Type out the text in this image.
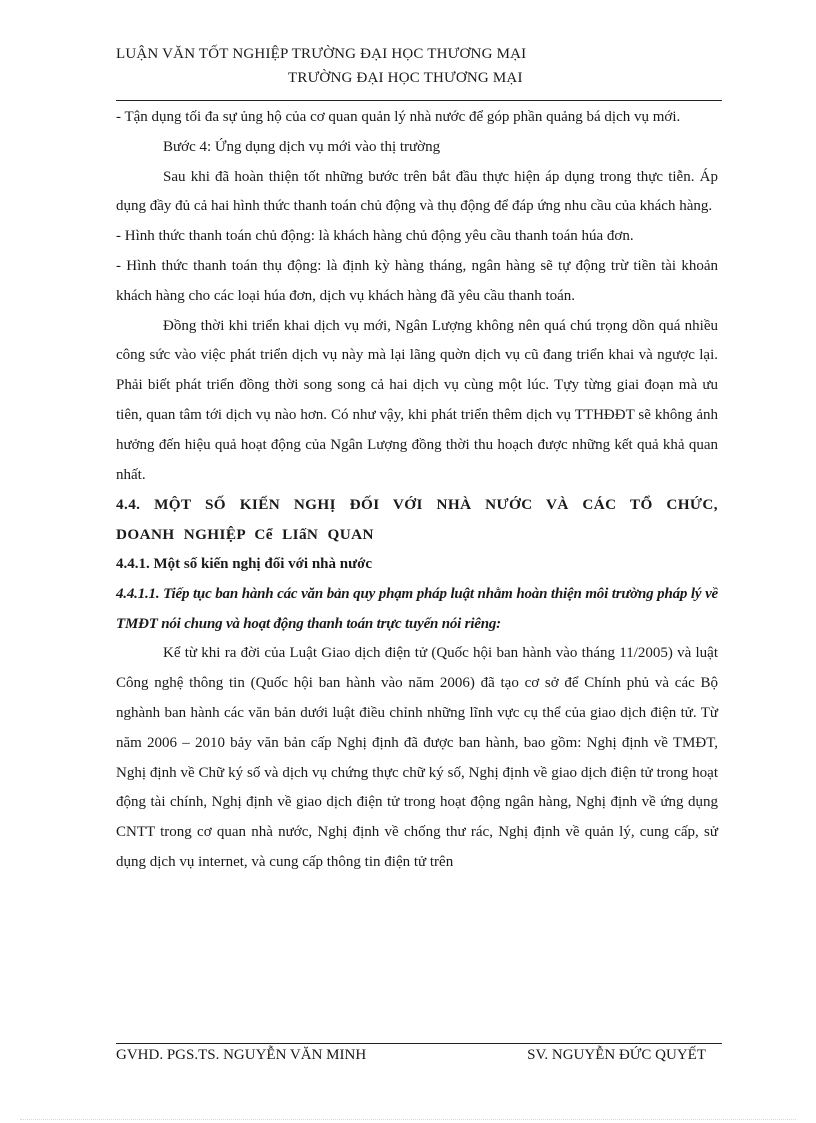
LUẬN VĂN TỐT NGHIỆP TRƯỜNG ĐẠI HỌC THƯƠNG MẠI
TRƯỜNG ĐẠI HỌC THƯƠNG MẠI

- Tận dụng tối đa sự ủng hộ của cơ quan quản lý nhà nước để góp phần quảng bá dịch vụ mới.

Bước 4: Ứng dụng dịch vụ mới vào thị trường

Sau khi đã hoàn thiện tốt những bước trên bắt đầu thực hiện áp dụng trong thực tiễn. Áp dụng đầy đủ cả hai hình thức thanh toán chủ động và thụ động để đáp ứng nhu cầu của khách hàng.

- Hình thức thanh toán chủ động: là khách hàng chủ động yêu cầu thanh toán húa đơn.

- Hình thức thanh toán thụ động: là định kỳ hàng tháng, ngân hàng sẽ tự động trừ tiền tài khoản khách hàng cho các loại húa đơn, dịch vụ khách hàng đã yêu cầu thanh toán.

Đồng thời khi triển khai dịch vụ mới, Ngân Lượng không nên quá chú trọng dồn quá nhiều công sức vào việc phát triển dịch vụ này mà lại lãng quờn dịch vụ cũ đang triển khai và ngược lại. Phải biết phát triển đồng thời song song cả hai dịch vụ cùng một lúc. Tựy từng giai đoạn mà ưu tiên, quan tâm tới dịch vụ nào hơn. Có như vậy, khi phát triển thêm dịch vụ TTHĐĐT sẽ không ảnh hưởng đến hiệu quả hoạt động của Ngân Lượng đồng thời thu hoạch được những kết quả khả quan nhất.

4.4. MỘT SỐ KIẾN NGHỊ ĐỐI VỚI NHÀ NƯỚC VÀ CÁC TỔ CHỨC, DOANH NGHIỆP Cể LIấN QUAN

4.4.1. Một số kiến nghị đối với nhà nước

4.4.1.1. Tiếp tục ban hành các văn bản quy phạm pháp luật nhằm hoàn thiện môi trường pháp lý về TMĐT nói chung và hoạt động thanh toán trực tuyến nói riêng:

Kể từ khi ra đời của Luật Giao dịch điện tử (Quốc hội ban hành vào tháng 11/2005) và luật Công nghệ thông tin (Quốc hội ban hành vào năm 2006) đã tạo cơ sở để Chính phủ và các Bộ nghành ban hành các văn bản dưới luật điều chỉnh những lĩnh vực cụ thể của giao dịch điện tử. Từ năm 2006 – 2010 bảy văn bản cấp Nghị định đã được ban hành, bao gồm: Nghị định về TMĐT, Nghị định về Chữ ký số và dịch vụ chứng thực chữ ký số, Nghị định về giao dịch điện tử trong hoạt động tài chính, Nghị định về giao dịch điện tử trong hoạt động ngân hàng, Nghị định về ứng dụng CNTT trong cơ quan nhà nước, Nghị định về chống thư rác, Nghị định về quản lý, cung cấp, sử dụng dịch vụ internet, và cung cấp thông tin điện tử trên

GVHD. PGS.TS. NGUYỄN VĂN MINH	SV. NGUYỄN ĐỨC QUYẾT
